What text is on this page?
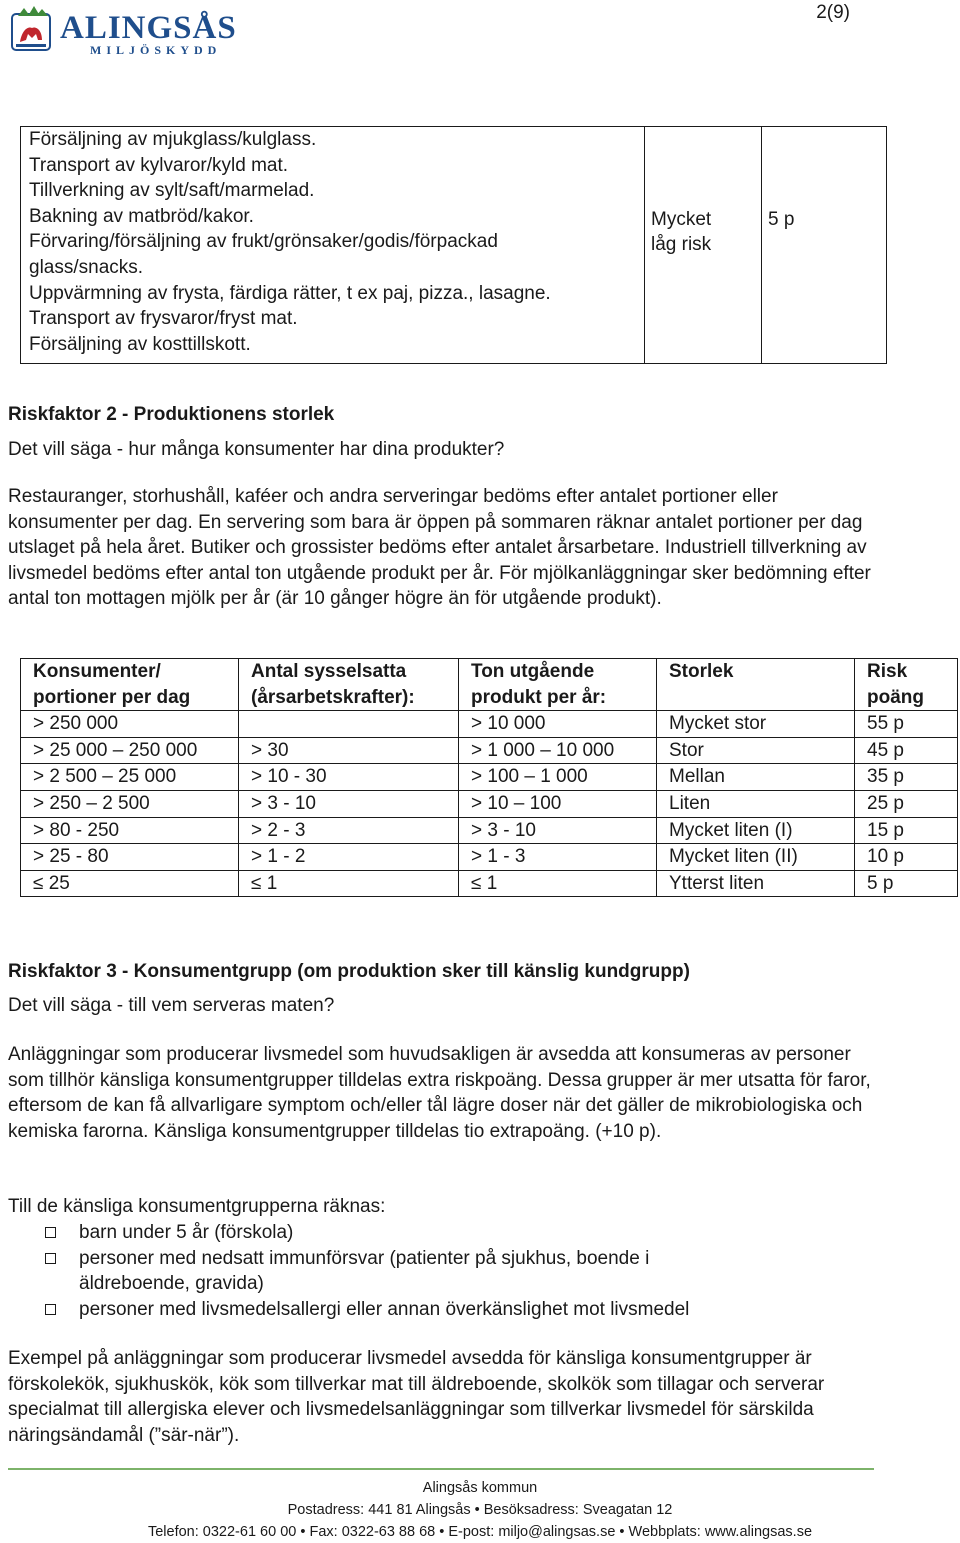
ALINGSÅS
MILJÖSKYDD
2(9)
Försäljning av mjukglass/kulglass.
Transport av kylvaror/kyld mat.
Tillverkning av sylt/saft/marmelad.
Bakning av matbröd/kakor.
Förvaring/försäljning av frukt/grönsaker/godis/förpackad
glass/snacks.
Uppvärmning av frysta, färdiga rätter, t ex paj, pizza., lasagne.
Transport av frysvaror/fryst mat.
Försäljning av kosttillskott.

Mycket
låg risk

5 p

Riskfaktor 2 - Produktionens storlek
Det vill säga - hur många konsumenter har dina produkter?
Restauranger, storhushåll, kaféer och andra serveringar bedöms efter antalet portioner eller konsumenter per dag. En servering som bara är öppen på sommaren räknar antalet portioner per dag utslaget på hela året. Butiker och grossister bedöms efter antalet årsarbetare. Industriell tillverkning av livsmedel bedöms efter antal ton utgående produkt per år. För mjölkanläggningar sker bedömning efter antal ton mottagen mjölk per år (är 10 gånger högre än för utgående produkt).
Konsumenter/ portioner per dag	Antal sysselsatta (årsarbetskrafter):	Ton utgående produkt per år:	Storlek	Risk poäng
> 250 000		> 10 000	Mycket stor	55 p
> 25 000 – 250 000	> 30	> 1 000 – 10 000	Stor	45 p
> 2 500 – 25 000	> 10 - 30	> 100 – 1 000	Mellan	35 p
> 250 – 2 500	> 3 - 10	> 10 – 100	Liten	25 p
> 80 - 250	> 2 - 3	> 3 - 10	Mycket liten (I)	15 p
> 25 - 80	> 1 - 2	> 1 - 3	Mycket liten (II)	10 p
≤ 25	≤ 1	≤ 1	Ytterst liten	5 p
Riskfaktor 3 - Konsumentgrupp (om produktion sker till känslig kundgrupp)
Det vill säga - till vem serveras maten?
Anläggningar som producerar livsmedel som huvudsakligen är avsedda att konsumeras av personer som tillhör känsliga konsumentgrupper tilldelas extra riskpoäng. Dessa grupper är mer utsatta för faror, eftersom de kan få allvarligare symptom och/eller tål lägre doser när det gäller de mikrobiologiska och kemiska farorna. Känsliga konsumentgrupper tilldelas tio extrapoäng. (+10 p).
Till de känsliga konsumentgrupperna räknas:
barn under 5 år (förskola)
personer med nedsatt immunförsvar (patienter på sjukhus, boende i äldreboende, gravida)
personer med livsmedelsallergi eller annan överkänslighet mot livsmedel
Exempel på anläggningar som producerar livsmedel avsedda för känsliga konsumentgrupper är förskolekök, sjukhuskök, kök som tillverkar mat till äldreboende, skolkök som tillagar och serverar specialmat till allergiska elever och livsmedelsanläggningar som tillverkar livsmedel för särskilda näringsändamål (”sär-när”).
Alingsås kommun
Postadress: 441 81 Alingsås • Besöksadress: Sveagatan 12
Telefon: 0322-61 60 00 • Fax: 0322-63 88 68 • E-post: miljo@alingsas.se • Webbplats: www.alingsas.se
